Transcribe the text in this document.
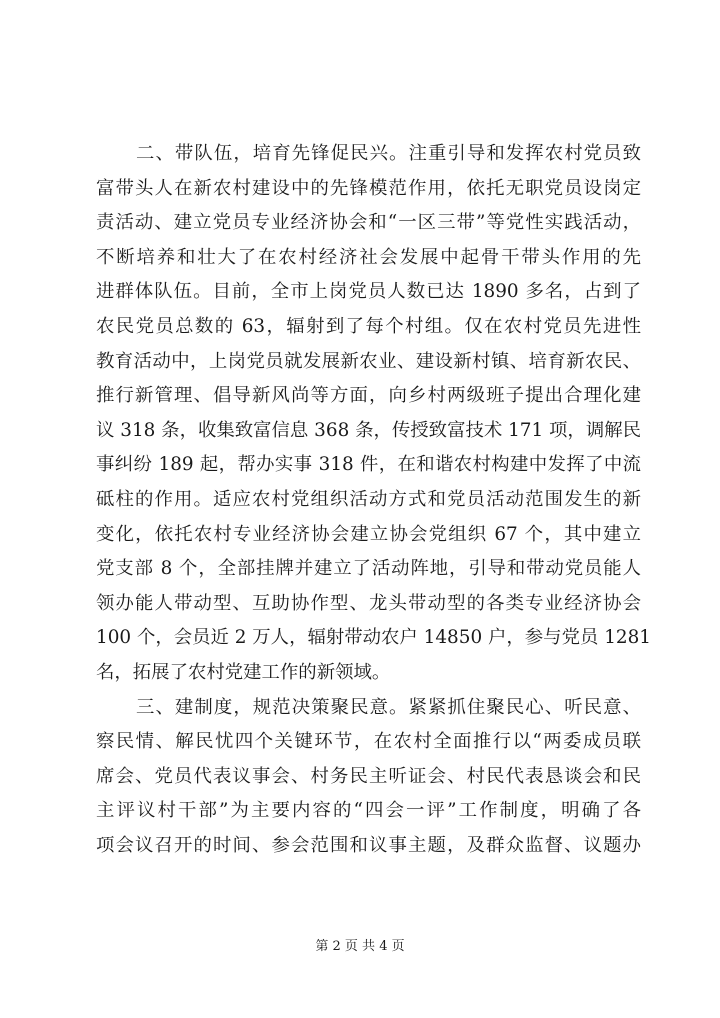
二、带队伍，培育先锋促民兴。注重引导和发挥农村党员致
富带头人在新农村建设中的先锋模范作用，依托无职党员设岗定
责活动、建立党员专业经济协会和“一区三带”等党性实践活动，
不断培养和壮大了在农村经济社会发展中起骨干带头作用的先
进群体队伍。目前，全市上岗党员人数已达 1890 多名，占到了
农民党员总数的 63，辐射到了每个村组。仅在农村党员先进性
教育活动中，上岗党员就发展新农业、建设新村镇、培育新农民、
推行新管理、倡导新风尚等方面，向乡村两级班子提出合理化建
议 318 条，收集致富信息 368 条，传授致富技术 171 项，调解民
事纠纷 189 起，帮办实事 318 件，在和谐农村构建中发挥了中流
砥柱的作用。适应农村党组织活动方式和党员活动范围发生的新
变化，依托农村专业经济协会建立协会党组织 67 个，其中建立
党支部 8 个，全部挂牌并建立了活动阵地，引导和带动党员能人
领办能人带动型、互助协作型、龙头带动型的各类专业经济协会
100 个，会员近 2 万人，辐射带动农户 14850 户，参与党员 1281
名，拓展了农村党建工作的新领域。
三、建制度，规范决策聚民意。紧紧抓住聚民心、听民意、
察民情、解民忧四个关键环节，在农村全面推行以“两委成员联
席会、党员代表议事会、村务民主听证会、村民代表恳谈会和民
主评议村干部”为主要内容的“四会一评”工作制度，明确了各
项会议召开的时间、参会范围和议事主题，及群众监督、议题办
第 2 页 共 4 页
